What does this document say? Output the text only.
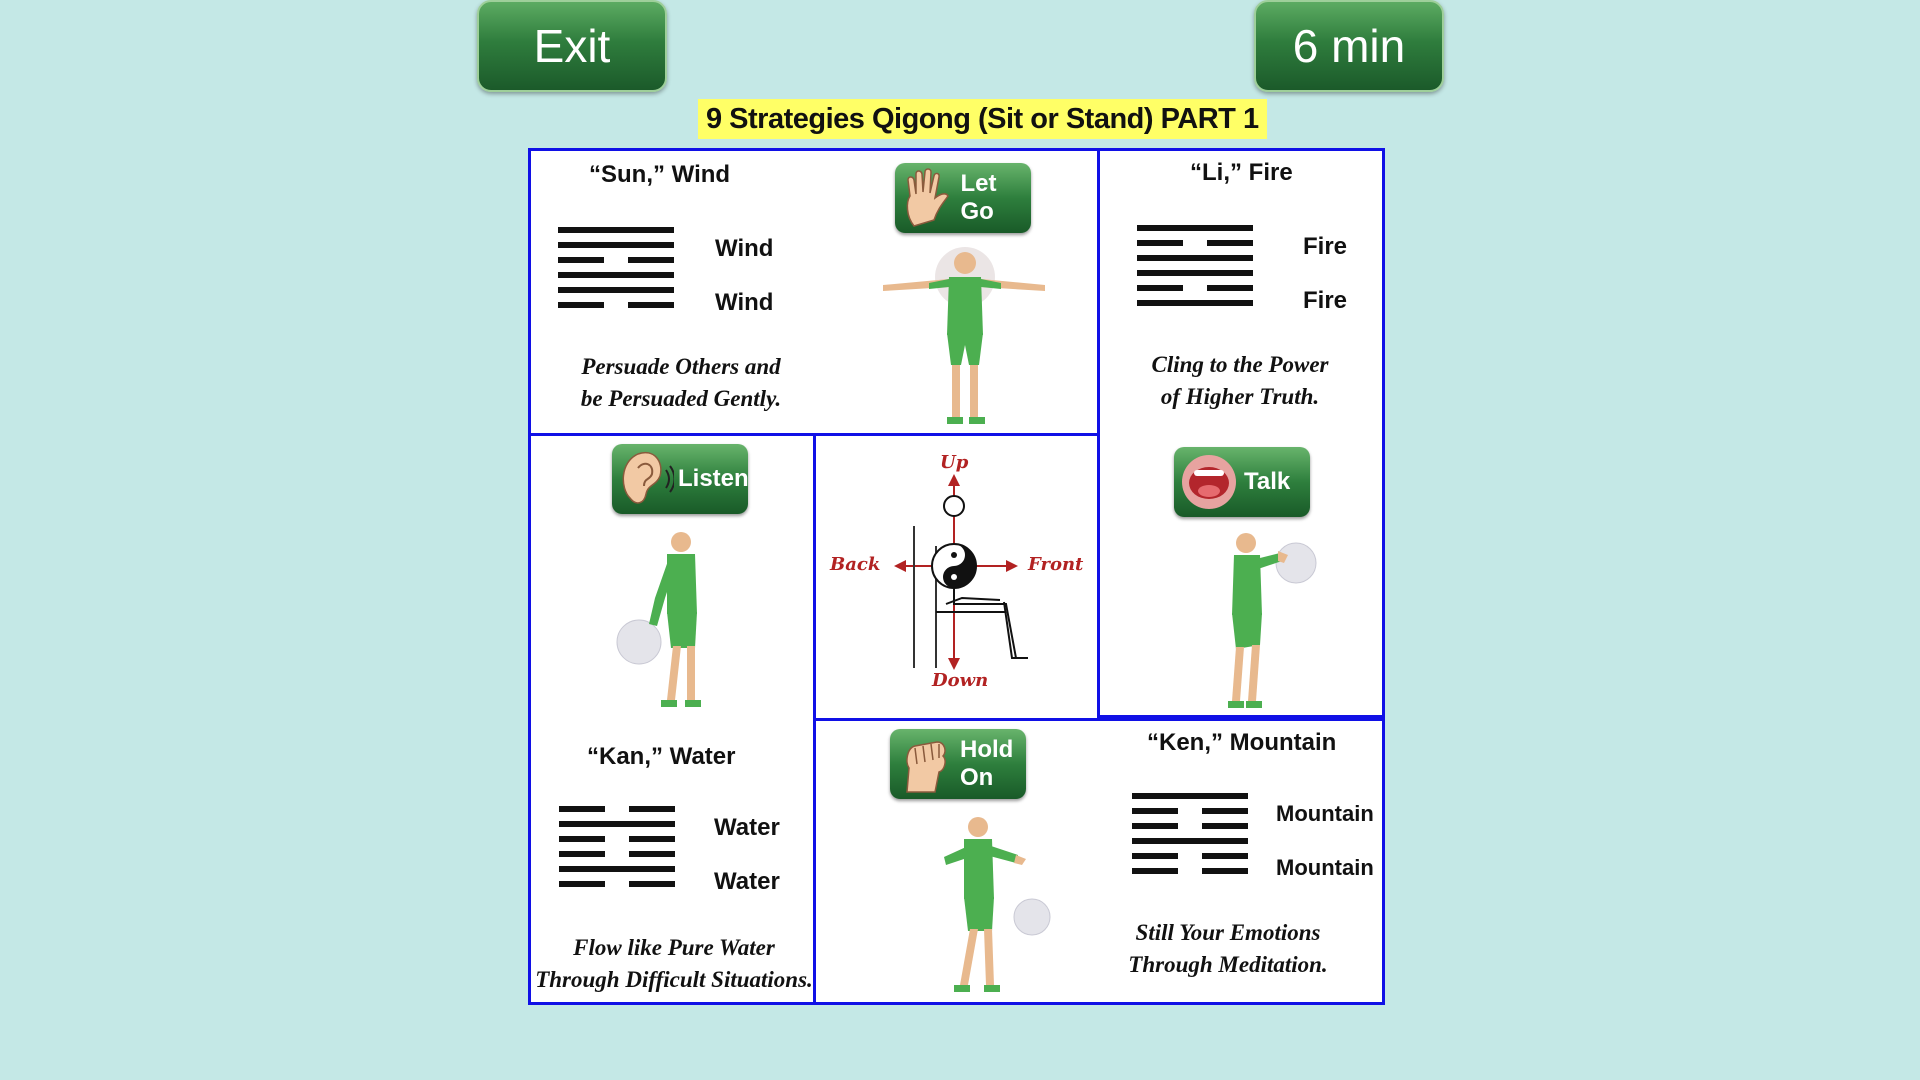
Exit	6 min
9 Strategies Qigong (Sit or Stand) PART 1
“Sun,” Wind
Wind
Wind
Persuade Others and
be Persuaded Gently.
Let Go
“Li,” Fire
Fire
Fire
Cling to the Power
of Higher Truth.
Talk
Listen
“Kan,” Water
Water
Water
Flow like Pure Water
Through Difficult Situations.
Up
Down
Back	Front
Hold
On
“Ken,” Mountain
Mountain
Mountain
Still Your Emotions
Through Meditation.
